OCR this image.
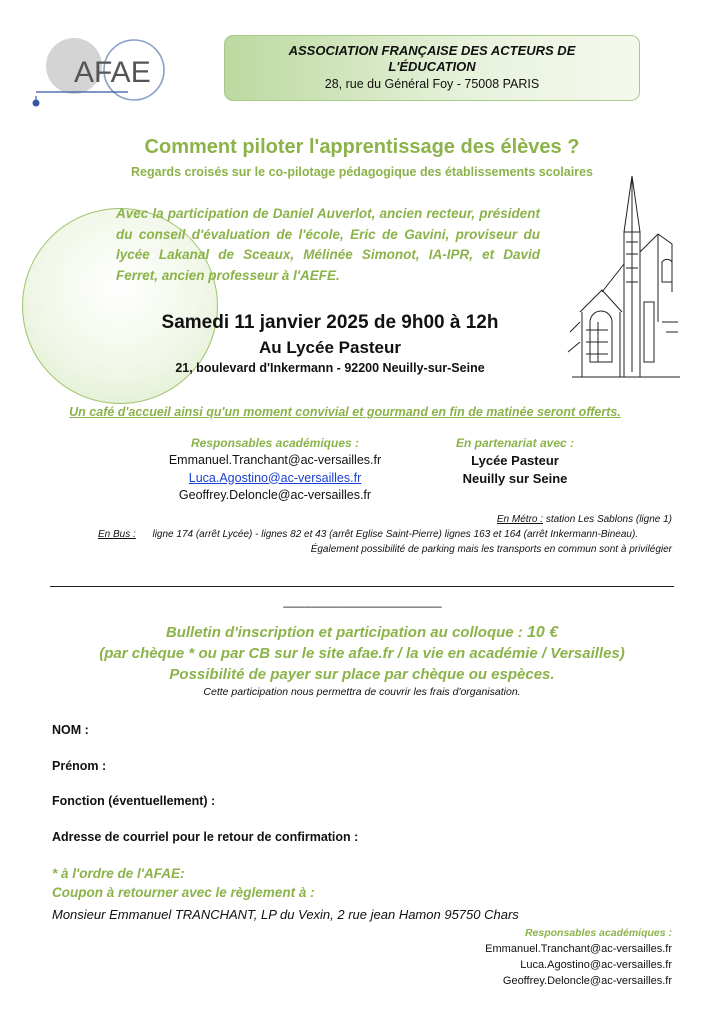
AFAE
ASSOCIATION FRANÇAISE DES ACTEURS DE L'ÉDUCATION
28, rue du Général Foy - 75008 PARIS
Comment piloter l'apprentissage des élèves ?
Regards croisés sur le co-pilotage pédagogique des établissements scolaires
Avec la participation de Daniel Auverlot, ancien recteur, président du conseil d'évaluation de l'école, Eric de Gavini, proviseur du lycée Lakanal de Sceaux, Mélinée Simonot, IA-IPR, et David Ferret, ancien professeur à l'AEFE.
Samedi 11 janvier 2025 de 9h00 à 12h
Au Lycée Pasteur
21, boulevard d'Inkermann - 92200 Neuilly-sur-Seine
Un café d'accueil ainsi qu'un moment convivial et gourmand en fin de matinée seront offerts.
Responsables académiques :
Emmanuel.Tranchant@ac-versailles.fr
Luca.Agostino@ac-versailles.fr
Geoffrey.Deloncle@ac-versailles.fr
En partenariat avec :
Lycée Pasteur
Neuilly sur Seine
En Métro : station Les Sablons (ligne 1)
En Bus : ligne 174 (arrêt Lycée) - lignes 82 et 43 (arrêt Eglise Saint-Pierre) lignes 163 et 164 (arrêt Inkermann-Bineau).
Également possibilité de parking mais les transports en commun sont à privilégier
--------------------------------------------------------------------
Bulletin d'inscription et participation au colloque : 10 €
(par chèque * ou par CB sur le site afae.fr / la vie en académie / Versailles)
Possibilité de payer sur place par chèque ou espèces.
Cette participation nous permettra de couvrir les frais d'organisation.
NOM :
Prénom :
Fonction (éventuellement) :
Adresse de courriel pour le retour de confirmation :
* à l'ordre de l'AFAE:
Coupon à retourner avec le règlement à :
Monsieur Emmanuel TRANCHANT, LP du Vexin, 2 rue jean Hamon 95750 Chars
Responsables académiques :
Emmanuel.Tranchant@ac-versailles.fr
Luca.Agostino@ac-versailles.fr
Geoffrey.Deloncle@ac-versailles.fr
